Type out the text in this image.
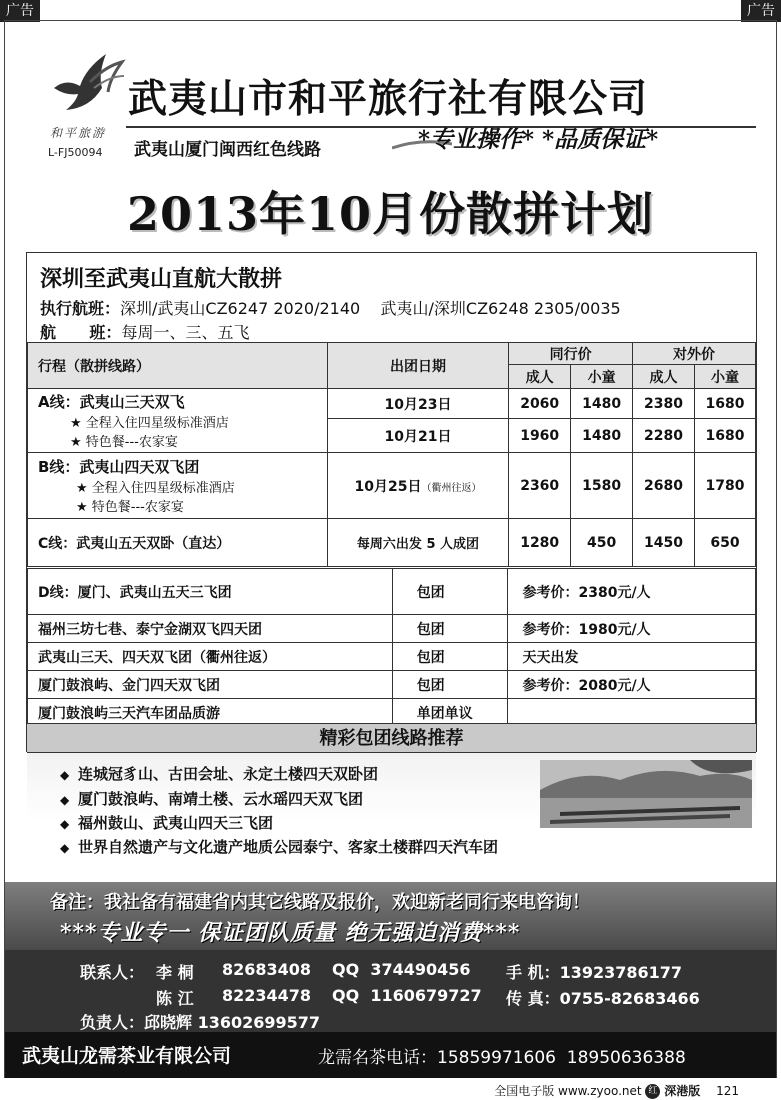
广告	广告
和平旅游
L-FJ50094
武夷山市和平旅行社有限公司
武夷山厦门闽西红色线路	*专业操作* *品质保证*
2013年10月份散拼计划
深圳至武夷山直航大散拼
执行航班：深圳/武夷山CZ6247 2020/2140    武夷山/深圳CZ6248 2305/0035
航      班：每周一、三、五飞
行程（散拼线路）	出团日期	同行价		对外价	
		成人	小童	成人	小童

A线：武夷山三天双飞
★ 全程入住四星级标准酒店
★ 特色餐---农家宴	10月23日	2060	1480	2380	1680
	10月21日	1960	1480	2280	1680

B线：武夷山四天双飞团
★ 全程入住四星级标准酒店
★ 特色餐---农家宴	10月25日（衢州往返）	2360	1580	2680	1780
C线：武夷山五天双卧（直达）	每周六出发 5 人成团	1280	450	1450	650
D线：厦门、武夷山五天三飞团	包团	参考价：2380元/人
福州三坊七巷、泰宁金湖双飞四天团	包团	参考价：1980元/人
武夷山三天、四天双飞团（衢州往返）	包团	天天出发
厦门鼓浪屿、金门四天双飞团	包团	参考价：2080元/人
厦门鼓浪屿三天汽车团品质游	单团单议	
精彩包团线路推荐
◆ 连城冠豸山、古田会址、永定土楼四天双卧团
◆ 厦门鼓浪屿、南靖土楼、云水瑶四天双飞团
◆ 福州鼓山、武夷山四天三飞团
◆ 世界自然遗产与文化遗产地质公园泰宁、客家土楼群四天汽车团
备注：我社备有福建省内其它线路及报价，欢迎新老同行来电咨询！
***专业专一 保证团队质量 绝无强迫消费***
联系人： 李 桐 82683408 QQ  374490456 手 机：13923786177
陈 江 82234478 QQ  1160679727 传 真：0755-82683466
负责人：邱晓辉 13602699577
武夷山龙需茶业有限公司	龙需名茶电话：15859971606  18950636388
全国电子版 www.zyoo.net 红 深港版 121
